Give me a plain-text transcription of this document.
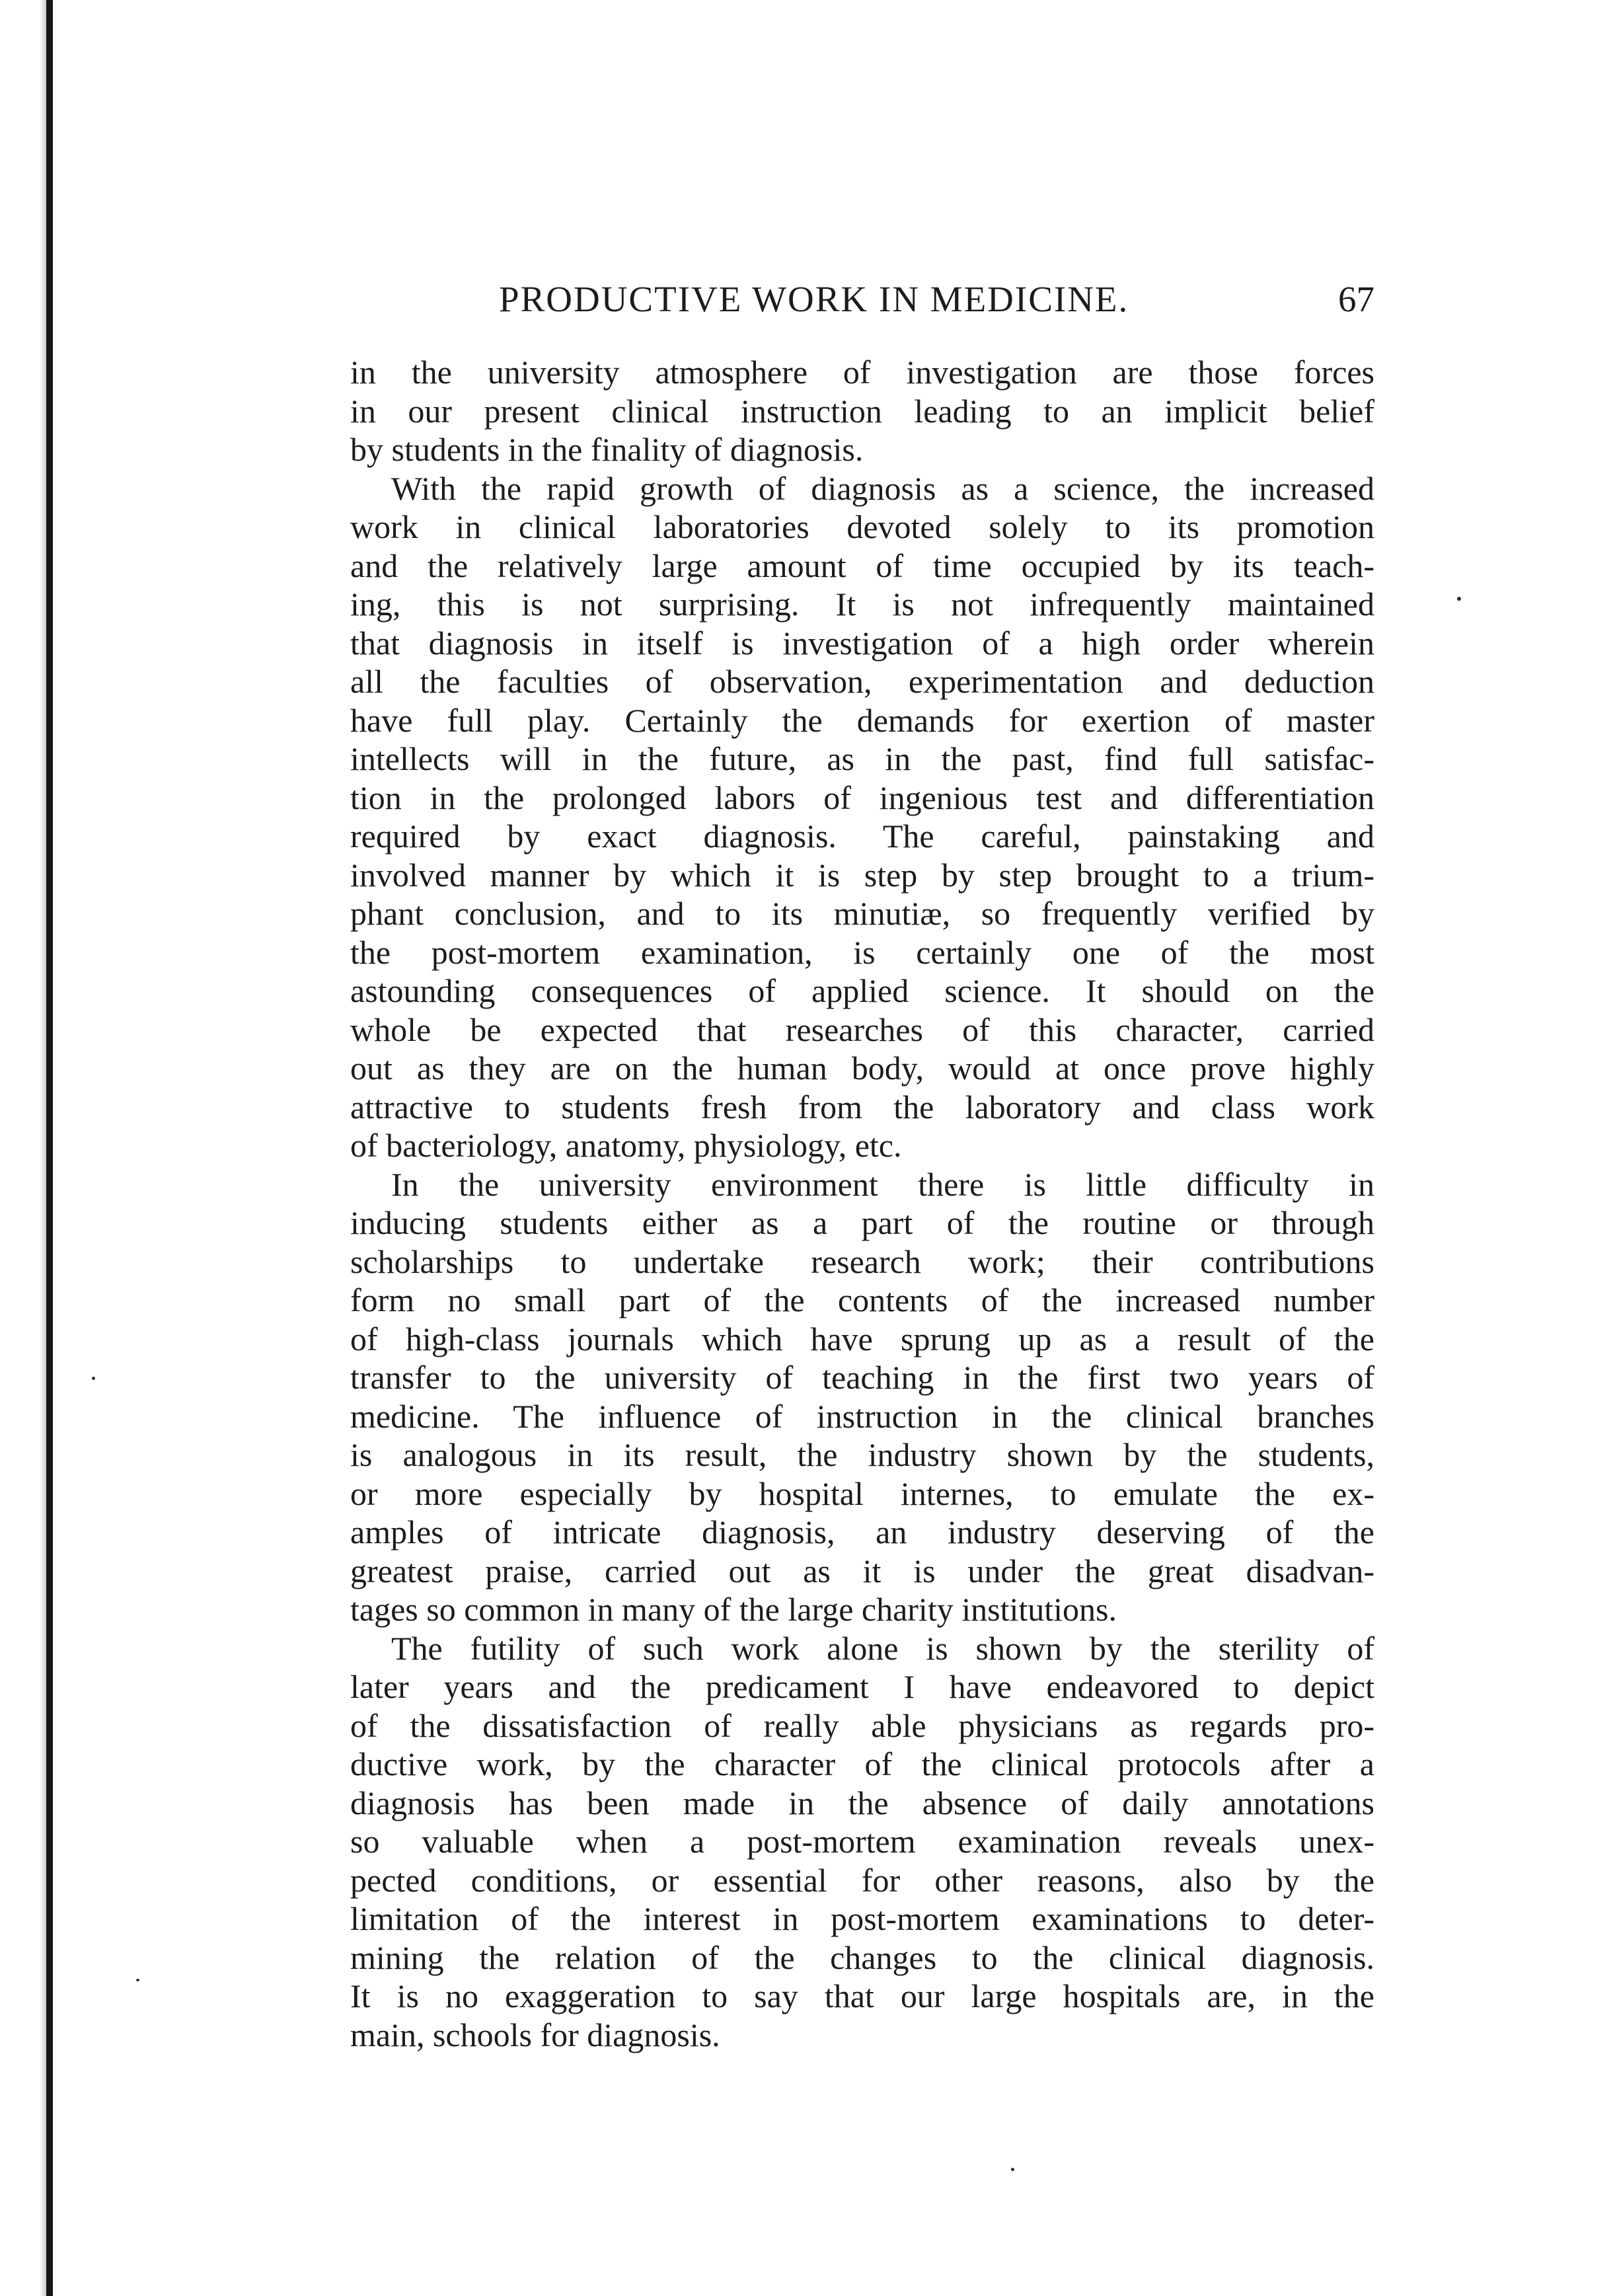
PRODUCTIVE WORK IN MEDICINE.	67
in the university atmosphere of investigation are those forces
in our present clinical instruction leading to an implicit belief
by students in the finality of diagnosis.
With the rapid growth of diagnosis as a science, the increased
work in clinical laboratories devoted solely to its promotion
and the relatively large amount of time occupied by its teach-
ing, this is not surprising. It is not infrequently maintained
that diagnosis in itself is investigation of a high order wherein
all the faculties of observation, experimentation and deduction
have full play. Certainly the demands for exertion of master
intellects will in the future, as in the past, find full satisfac-
tion in the prolonged labors of ingenious test and differentiation
required by exact diagnosis. The careful, painstaking and
involved manner by which it is step by step brought to a trium-
phant conclusion, and to its minutiæ, so frequently verified by
the post-mortem examination, is certainly one of the most
astounding consequences of applied science. It should on the
whole be expected that researches of this character, carried
out as they are on the human body, would at once prove highly
attractive to students fresh from the laboratory and class work
of bacteriology, anatomy, physiology, etc.
In the university environment there is little difficulty in
inducing students either as a part of the routine or through
scholarships to undertake research work; their contributions
form no small part of the contents of the increased number
of high-class journals which have sprung up as a result of the
transfer to the university of teaching in the first two years of
medicine. The influence of instruction in the clinical branches
is analogous in its result, the industry shown by the students,
or more especially by hospital internes, to emulate the ex-
amples of intricate diagnosis, an industry deserving of the
greatest praise, carried out as it is under the great disadvan-
tages so common in many of the large charity institutions.
The futility of such work alone is shown by the sterility of
later years and the predicament I have endeavored to depict
of the dissatisfaction of really able physicians as regards pro-
ductive work, by the character of the clinical protocols after a
diagnosis has been made in the absence of daily annotations
so valuable when a post-mortem examination reveals unex-
pected conditions, or essential for other reasons, also by the
limitation of the interest in post-mortem examinations to deter-
mining the relation of the changes to the clinical diagnosis.
It is no exaggeration to say that our large hospitals are, in the
main, schools for diagnosis.
